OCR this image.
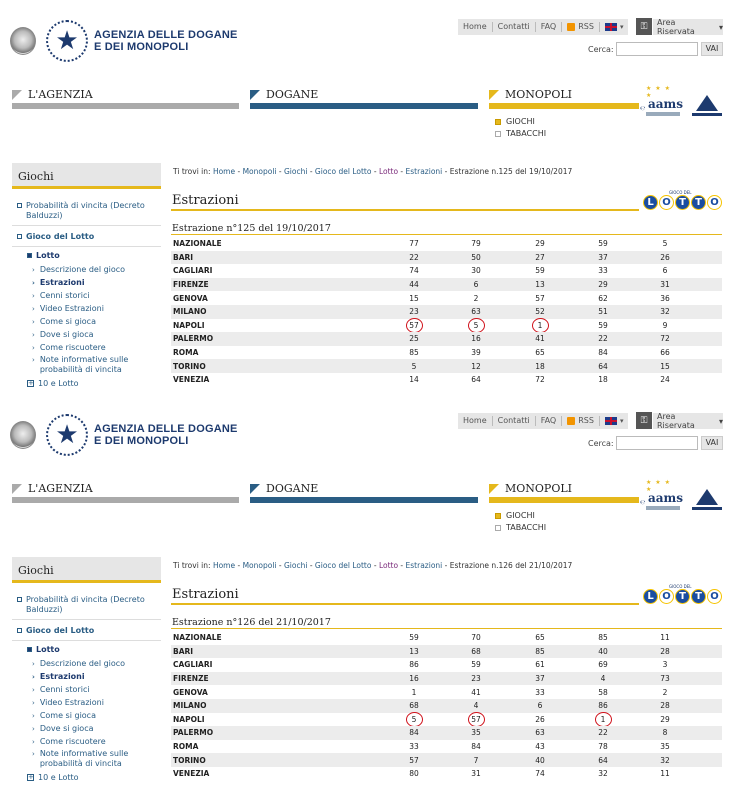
★	AGENZIA DELLE DOGANE
E DEI MONOPOLI
Home	Contatti	FAQ	RSS	▾	⚿	Area Riservata	▾
Cerca:	VAI
L'AGENZIA	DOGANE	MONOPOLI
GIOCHI
TABACCHI
★ ★ ★ ★
℮ aams
Giochi
Probabilità di vincita (Decreto
Balduzzi)
Gioco del Lotto
Lotto
› Note informative sulle
probabilità di vincita
+ 10 e Lotto
Ti trovi in: Home - Monopoli - Giochi - Gioco del Lotto - Lotto - Estrazioni - Estrazione n.125 del 19/10/2017
Estrazioni
GIOCO DEL
L O T T O
Estrazione n°125 del 19/10/2017
NAZIONALE	77	79	29	59	5
BARI	22	50	27	37	26
CAGLIARI	74	30	59	33	6
FIRENZE	44	6	13	29	31
GENOVA	15	2	57	62	36
MILANO	23	63	52	51	32
NAPOLI	57	5	1	59	9
PALERMO	25	16	41	22	72
ROMA	85	39	65	84	66
TORINO	5	12	18	64	15
VENEZIA	14	64	72	18	24
› Descrizione del gioco
› Estrazioni
› Cenni storici
› Video Estrazioni
› Come si gioca
› Dove si gioca
› Come riscuotere
★	AGENZIA DELLE DOGANE
E DEI MONOPOLI
Home	Contatti	FAQ	RSS	▾	⚿	Area Riservata	▾
Cerca:	VAI
L'AGENZIA	DOGANE	MONOPOLI
GIOCHI
TABACCHI
★ ★ ★ ★
℮ aams
Giochi
Probabilità di vincita (Decreto
Balduzzi)
Gioco del Lotto
Lotto
› Note informative sulle
probabilità di vincita
+ 10 e Lotto
Ti trovi in: Home - Monopoli - Giochi - Gioco del Lotto - Lotto - Estrazioni - Estrazione n.126 del 21/10/2017
Estrazioni
GIOCO DEL
L O T T O
Estrazione n°126 del 21/10/2017
NAZIONALE	59	70	65	85	11
BARI	13	68	85	40	28
CAGLIARI	86	59	61	69	3
FIRENZE	16	23	37	4	73
GENOVA	1	41	33	58	2
MILANO	68	4	6	86	28
NAPOLI	5	57	26	1	29
PALERMO	84	35	63	22	8
ROMA	33	84	43	78	35
TORINO	57	7	40	64	32
VENEZIA	80	31	74	32	11
› Descrizione del gioco
› Estrazioni
› Cenni storici
› Video Estrazioni
› Come si gioca
› Dove si gioca
› Come riscuotere
